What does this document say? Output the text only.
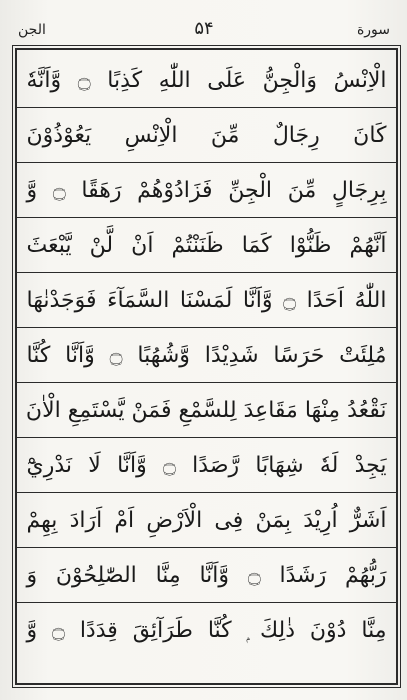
سورة
۵۴
الجن
الْاِنْسُ وَالْجِنُّ عَلَى اللّٰهِ كَذِبًا ۝ وَّاَنَّهٗ
كَانَ رِجَالٌ مِّنَ الْاِنْسِ يَعُوْذُوْنَ
بِرِجَالٍ مِّنَ الْجِنِّ فَزَادُوْهُمْ رَهَقًا ۝ وَّ
اَنَّهُمْ ظَنُّوْا كَمَا ظَنَنْتُمْ اَنْ لَّنْ يَّبْعَثَ
اللّٰهُ اَحَدًا ۝ وَّاَنَّا لَمَسْنَا السَّمَآءَ فَوَجَدْنٰهَا
مُلِئَتْ حَرَسًا شَدِيْدًا وَّشُهُبًا ۝ وَّاَنَّا كُنَّا
نَقْعُدُ مِنْهَا مَقَاعِدَ لِلسَّمْعِ فَمَنْ يَّسْتَمِعِ الْاٰنَ
يَجِدْ لَهٗ شِهَابًا رَّصَدًا ۝ وَّاَنَّا لَا نَدْرِيْٓ
اَشَرٌّ اُرِيْدَ بِمَنْ فِى الْاَرْضِ اَمْ اَرَادَ بِهِمْ
رَبُّهُمْ رَشَدًا ۝ وَّاَنَّا مِنَّا الصّٰلِحُوْنَ وَ
مِنَّا دُوْنَ ذٰلِكَ ۭ كُنَّا طَرَآئِقَ قِدَدًا ۝ وَّ
